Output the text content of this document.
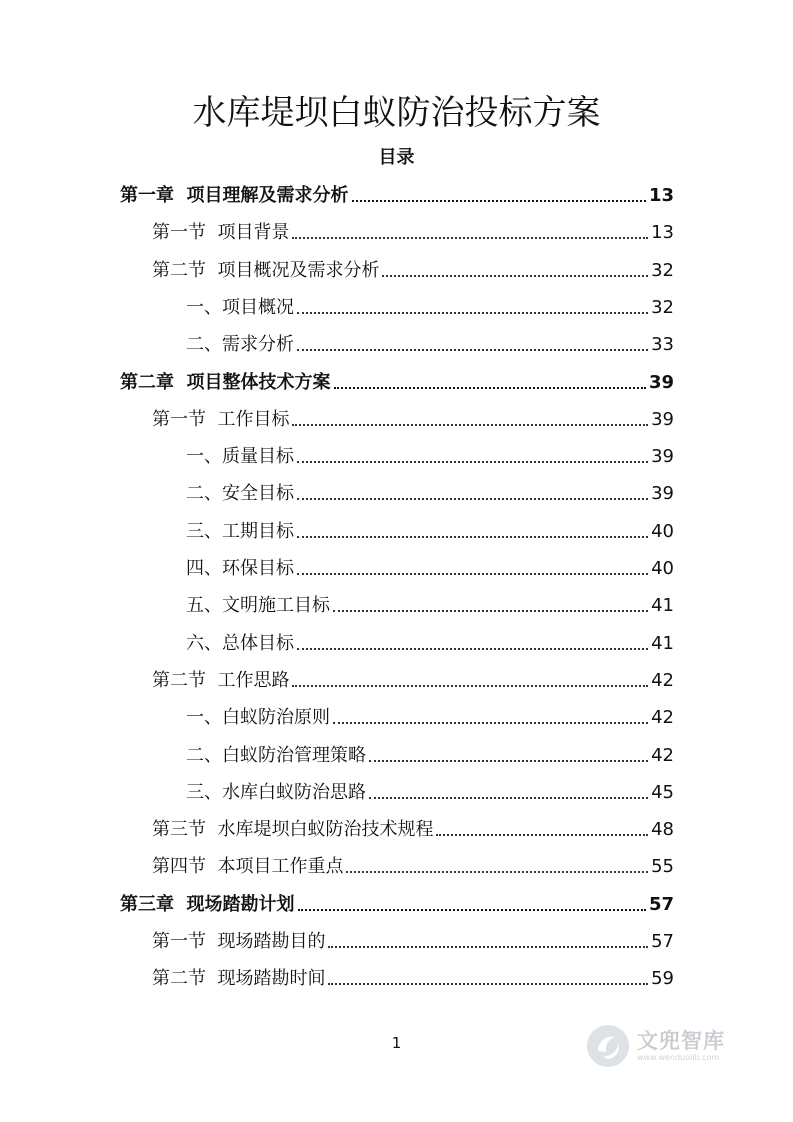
水库堤坝白蚁防治投标方案
目录
第一章  项目理解及需求分析	13
第一节  项目背景	13
第二节  项目概况及需求分析	32
一、项目概况	32
二、需求分析	33
第二章  项目整体技术方案	39
第一节  工作目标	39
一、质量目标	39
二、安全目标	39
三、工期目标	40
四、环保目标	40
五、文明施工目标	41
六、总体目标	41
第二节  工作思路	42
一、白蚁防治原则	42
二、白蚁防治管理策略	42
三、水库白蚁防治思路	45
第三节  水库堤坝白蚁防治技术规程	48
第四节  本项目工作重点	55
第三章  现场踏勘计划	57
第一节  现场踏勘目的	57
第二节  现场踏勘时间	59
1	文兜智库
www.wenduolib.com
